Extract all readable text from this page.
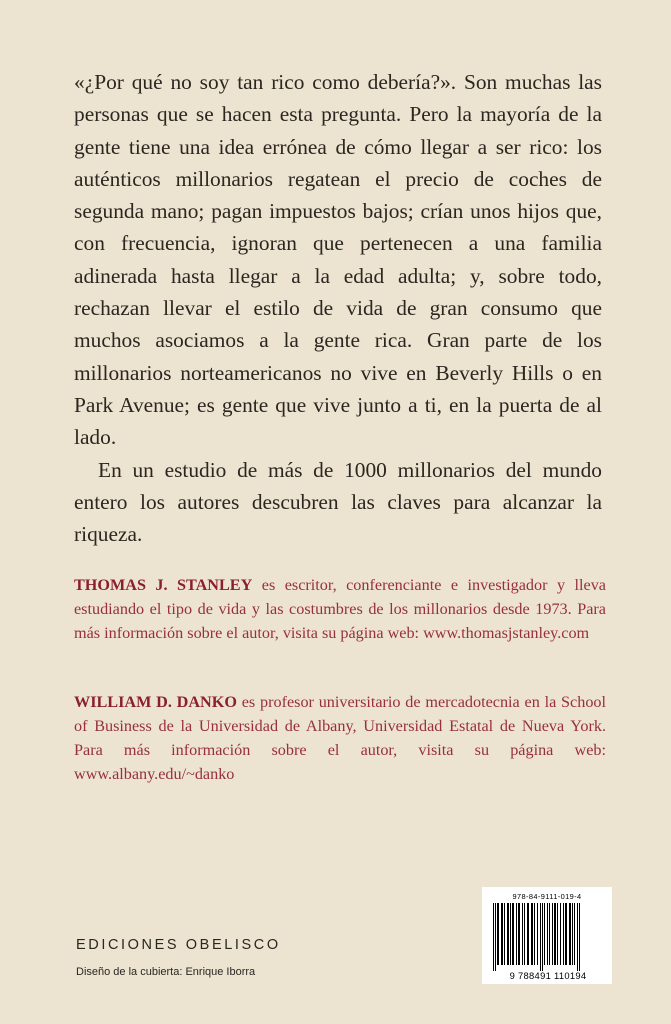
«¿Por qué no soy tan rico como debería?». Son muchas las personas que se hacen esta pregunta. Pero la mayoría de la gente tiene una idea errónea de cómo llegar a ser rico: los auténticos millonarios regatean el precio de coches de segunda mano; pagan impuestos bajos; crían unos hijos que, con frecuencia, ignoran que pertenecen a una familia adinerada hasta llegar a la edad adulta; y, sobre todo, rechazan llevar el estilo de vida de gran consumo que muchos asociamos a la gente rica. Gran parte de los millonarios norteamericanos no vive en Beverly Hills o en Park Avenue; es gente que vive junto a ti, en la puerta de al lado.

En un estudio de más de 1000 millonarios del mundo entero los autores descubren las claves para alcanzar la riqueza.

THOMAS J. STANLEY es escritor, conferenciante e investigador y lleva estudiando el tipo de vida y las costumbres de los millonarios desde 1973. Para más información sobre el autor, visita su página web: www.thomasjstanley.com
WILLIAM D. DANKO es profesor universitario de mercadotecnia en la School of Business de la Universidad de Albany, Universidad Estatal de Nueva York. Para más información sobre el autor, visita su página web: www.albany.edu/~danko
EDICIONES OBELISCO
Diseño de la cubierta: Enrique Iborra
978-84-9111-019-4
9 788491 110194
